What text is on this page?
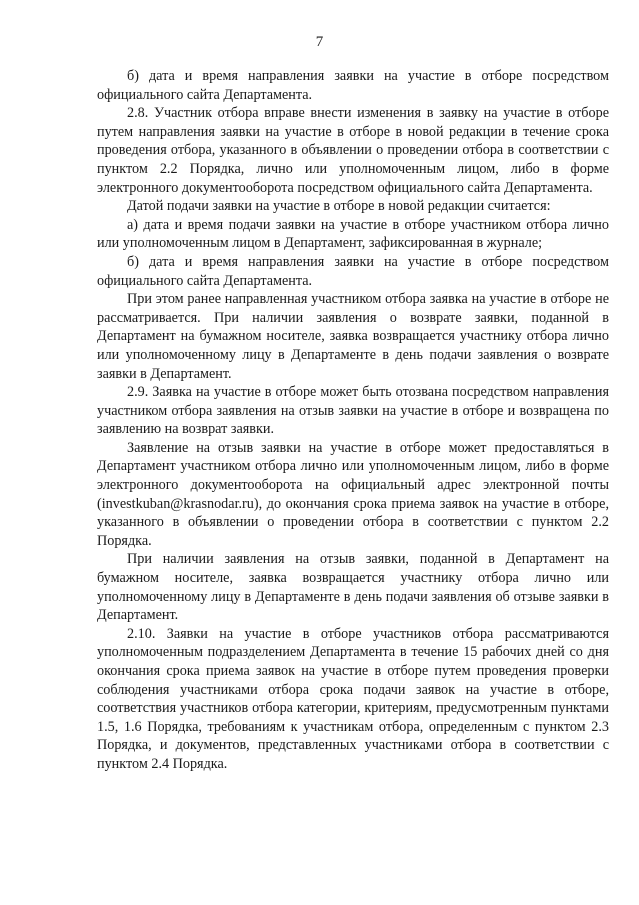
7

б) дата и время направления заявки на участие в отборе посредством официального сайта Департамента.

2.8. Участник отбора вправе внести изменения в заявку на участие в отборе путем направления заявки на участие в отборе в новой редакции в течение срока проведения отбора, указанного в объявлении о проведении отбора в соответствии с пунктом 2.2 Порядка, лично или уполномоченным лицом, либо в форме электронного документооборота посредством официального сайта Департамента.

Датой подачи заявки на участие в отборе в новой редакции считается:

а) дата и время подачи заявки на участие в отборе участником отбора лично или уполномоченным лицом в Департамент, зафиксированная в журнале;

б) дата и время направления заявки на участие в отборе посредством официального сайта Департамента.

При этом ранее направленная участником отбора заявка на участие в отборе не рассматривается. При наличии заявления о возврате заявки, поданной в Департамент на бумажном носителе, заявка возвращается участнику отбора лично или уполномоченному лицу в Департаменте в день подачи заявления о возврате заявки в Департамент.

2.9. Заявка на участие в отборе может быть отозвана посредством направления участником отбора заявления на отзыв заявки на участие в отборе и возвращена по заявлению на возврат заявки.

Заявление на отзыв заявки на участие в отборе может предоставляться в Департамент участником отбора лично или уполномоченным лицом, либо в форме электронного документооборота на официальный адрес электронной почты (investkuban@krasnodar.ru), до окончания срока приема заявок на участие в отборе, указанного в объявлении о проведении отбора в соответствии с пунктом 2.2 Порядка.

При наличии заявления на отзыв заявки, поданной в Департамент на бумажном носителе, заявка возвращается участнику отбора лично или уполномоченному лицу в Департаменте в день подачи заявления об отзыве заявки в Департамент.

2.10. Заявки на участие в отборе участников отбора рассматриваются уполномоченным подразделением Департамента в течение 15 рабочих дней со дня окончания срока приема заявок на участие в отборе путем проведения проверки соблюдения участниками отбора срока подачи заявок на участие в отборе, соответствия участников отбора категории, критериям, предусмотренным пунктами 1.5, 1.6 Порядка, требованиям к участникам отбора, определенным с пунктом 2.3 Порядка, и документов, представленных участниками отбора в соответствии с пунктом 2.4 Порядка.
